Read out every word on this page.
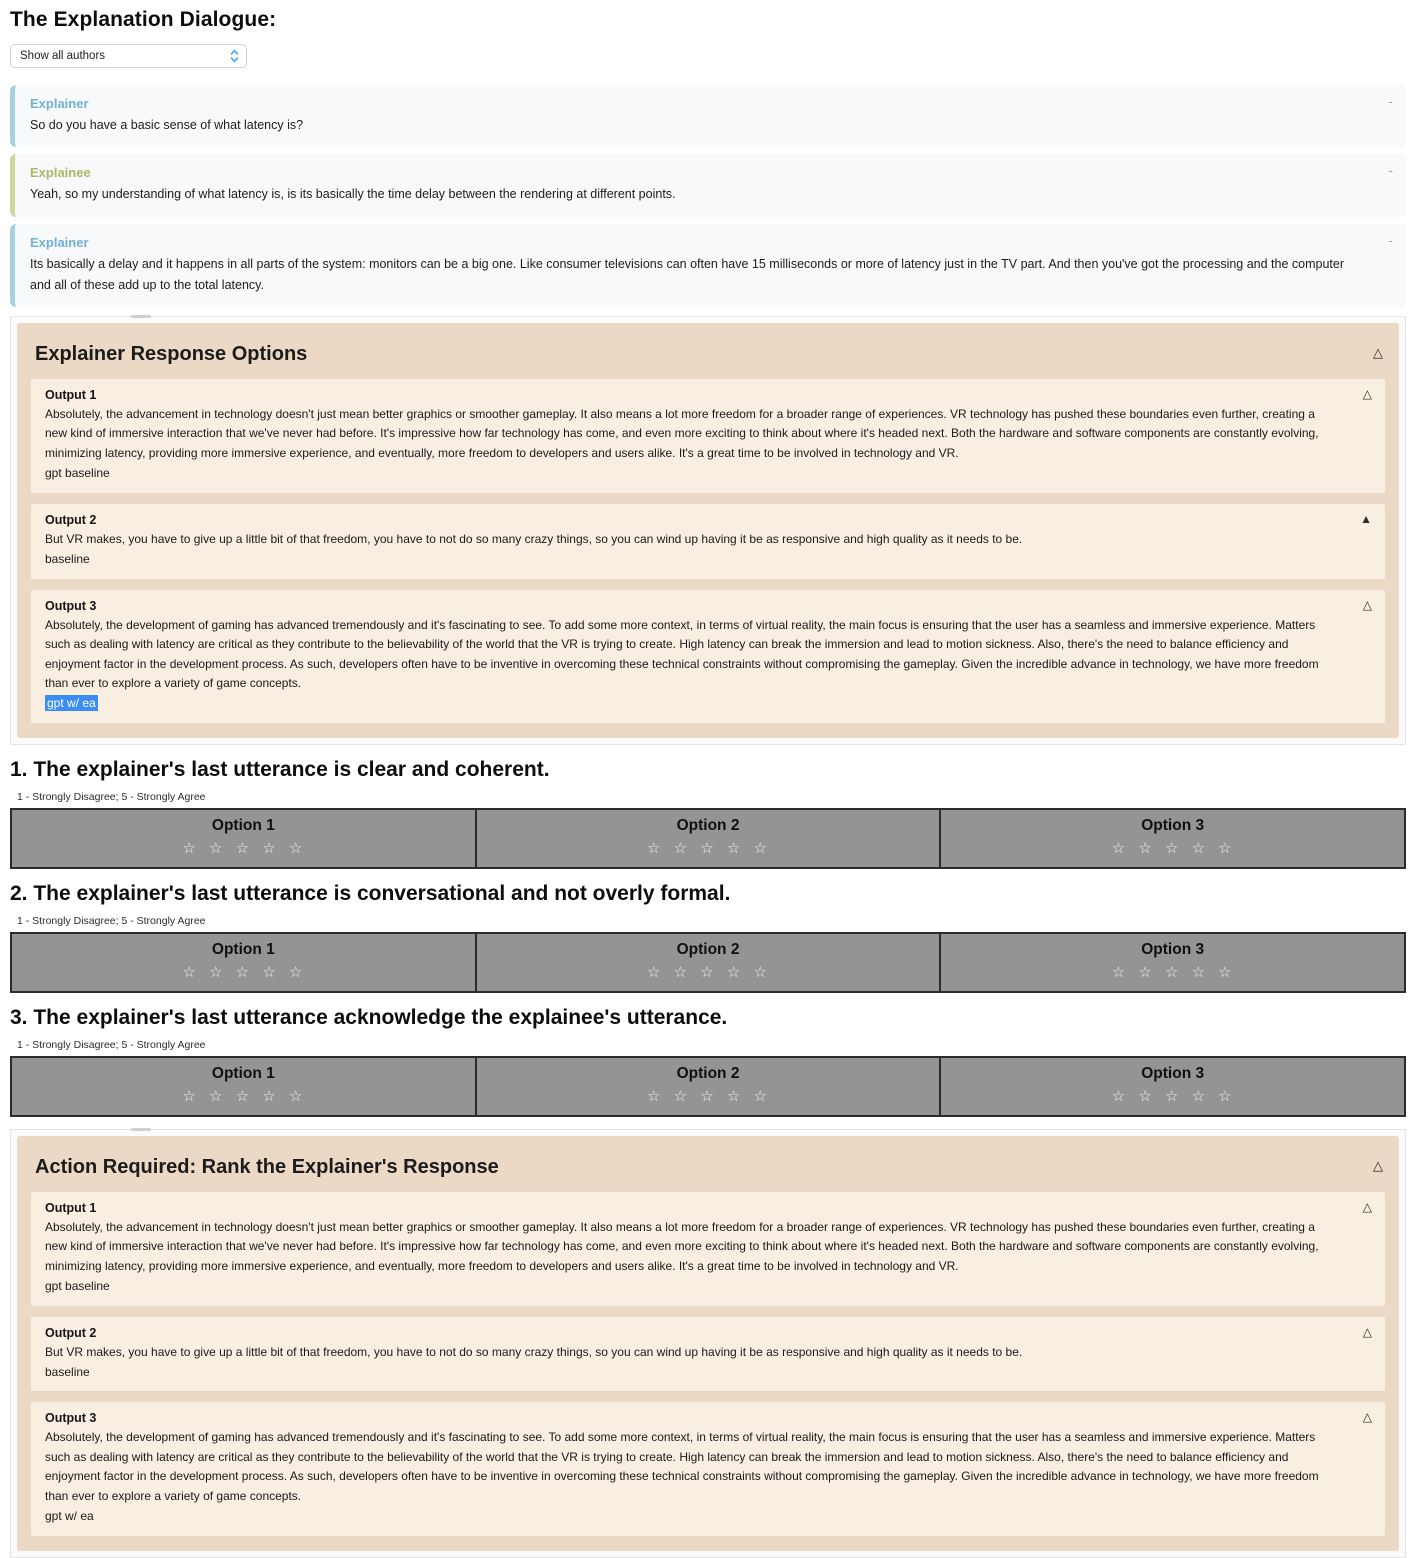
The Explanation Dialogue:
Show all authors
Explainer
So do you have a basic sense of what latency is?
-
Explainee
Yeah, so my understanding of what latency is, is its basically the time delay between the rendering at different points.
-
Explainer
Its basically a delay and it happens in all parts of the system: monitors can be a big one. Like consumer televisions can often have 15 milliseconds or more of latency just in the TV part. And then you've got the processing and the computer and all of these add up to the total latency.
-
Explainer Response Options	△
Output 1
Absolutely, the advancement in technology doesn't just mean better graphics or smoother gameplay. It also means a lot more freedom for a broader range of experiences. VR technology has pushed these boundaries even further, creating a new kind of immersive interaction that we've never had before. It's impressive how far technology has come, and even more exciting to think about where it's headed next. Both the hardware and software components are constantly evolving, minimizing latency, providing more immersive experience, and eventually, more freedom to developers and users alike. It's a great time to be involved in technology and VR.
gpt baseline
△
Output 2
But VR makes, you have to give up a little bit of that freedom, you have to not do so many crazy things, so you can wind up having it be as responsive and high quality as it needs to be.
baseline
▲
Output 3
Absolutely, the development of gaming has advanced tremendously and it's fascinating to see. To add some more context, in terms of virtual reality, the main focus is ensuring that the user has a seamless and immersive experience. Matters such as dealing with latency are critical as they contribute to the believability of the world that the VR is trying to create. High latency can break the immersion and lead to motion sickness. Also, there's the need to balance efficiency and enjoyment factor in the development process. As such, developers often have to be inventive in overcoming these technical constraints without compromising the gameplay. Given the incredible advance in technology, we have more freedom than ever to explore a variety of game concepts.
gpt w/ ea
△
1. The explainer's last utterance is clear and coherent.
1 - Strongly Disagree; 5 - Strongly Agree
Option 1
☆ ☆ ☆ ☆ ☆
Option 2
☆ ☆ ☆ ☆ ☆
Option 3
☆ ☆ ☆ ☆ ☆
2. The explainer's last utterance is conversational and not overly formal.
1 - Strongly Disagree; 5 - Strongly Agree
Option 1
☆ ☆ ☆ ☆ ☆
Option 2
☆ ☆ ☆ ☆ ☆
Option 3
☆ ☆ ☆ ☆ ☆
3. The explainer's last utterance acknowledge the explainee's utterance.
1 - Strongly Disagree; 5 - Strongly Agree
Option 1
☆ ☆ ☆ ☆ ☆
Option 2
☆ ☆ ☆ ☆ ☆
Option 3
☆ ☆ ☆ ☆ ☆
Action Required: Rank the Explainer's Response	△
Output 1
Absolutely, the advancement in technology doesn't just mean better graphics or smoother gameplay. It also means a lot more freedom for a broader range of experiences. VR technology has pushed these boundaries even further, creating a new kind of immersive interaction that we've never had before. It's impressive how far technology has come, and even more exciting to think about where it's headed next. Both the hardware and software components are constantly evolving, minimizing latency, providing more immersive experience, and eventually, more freedom to developers and users alike. It's a great time to be involved in technology and VR.
gpt baseline
△
Output 2
But VR makes, you have to give up a little bit of that freedom, you have to not do so many crazy things, so you can wind up having it be as responsive and high quality as it needs to be.
baseline
△
Output 3
Absolutely, the development of gaming has advanced tremendously and it's fascinating to see. To add some more context, in terms of virtual reality, the main focus is ensuring that the user has a seamless and immersive experience. Matters such as dealing with latency are critical as they contribute to the believability of the world that the VR is trying to create. High latency can break the immersion and lead to motion sickness. Also, there's the need to balance efficiency and enjoyment factor in the development process. As such, developers often have to be inventive in overcoming these technical constraints without compromising the gameplay. Given the incredible advance in technology, we have more freedom than ever to explore a variety of game concepts.
gpt w/ ea
△
